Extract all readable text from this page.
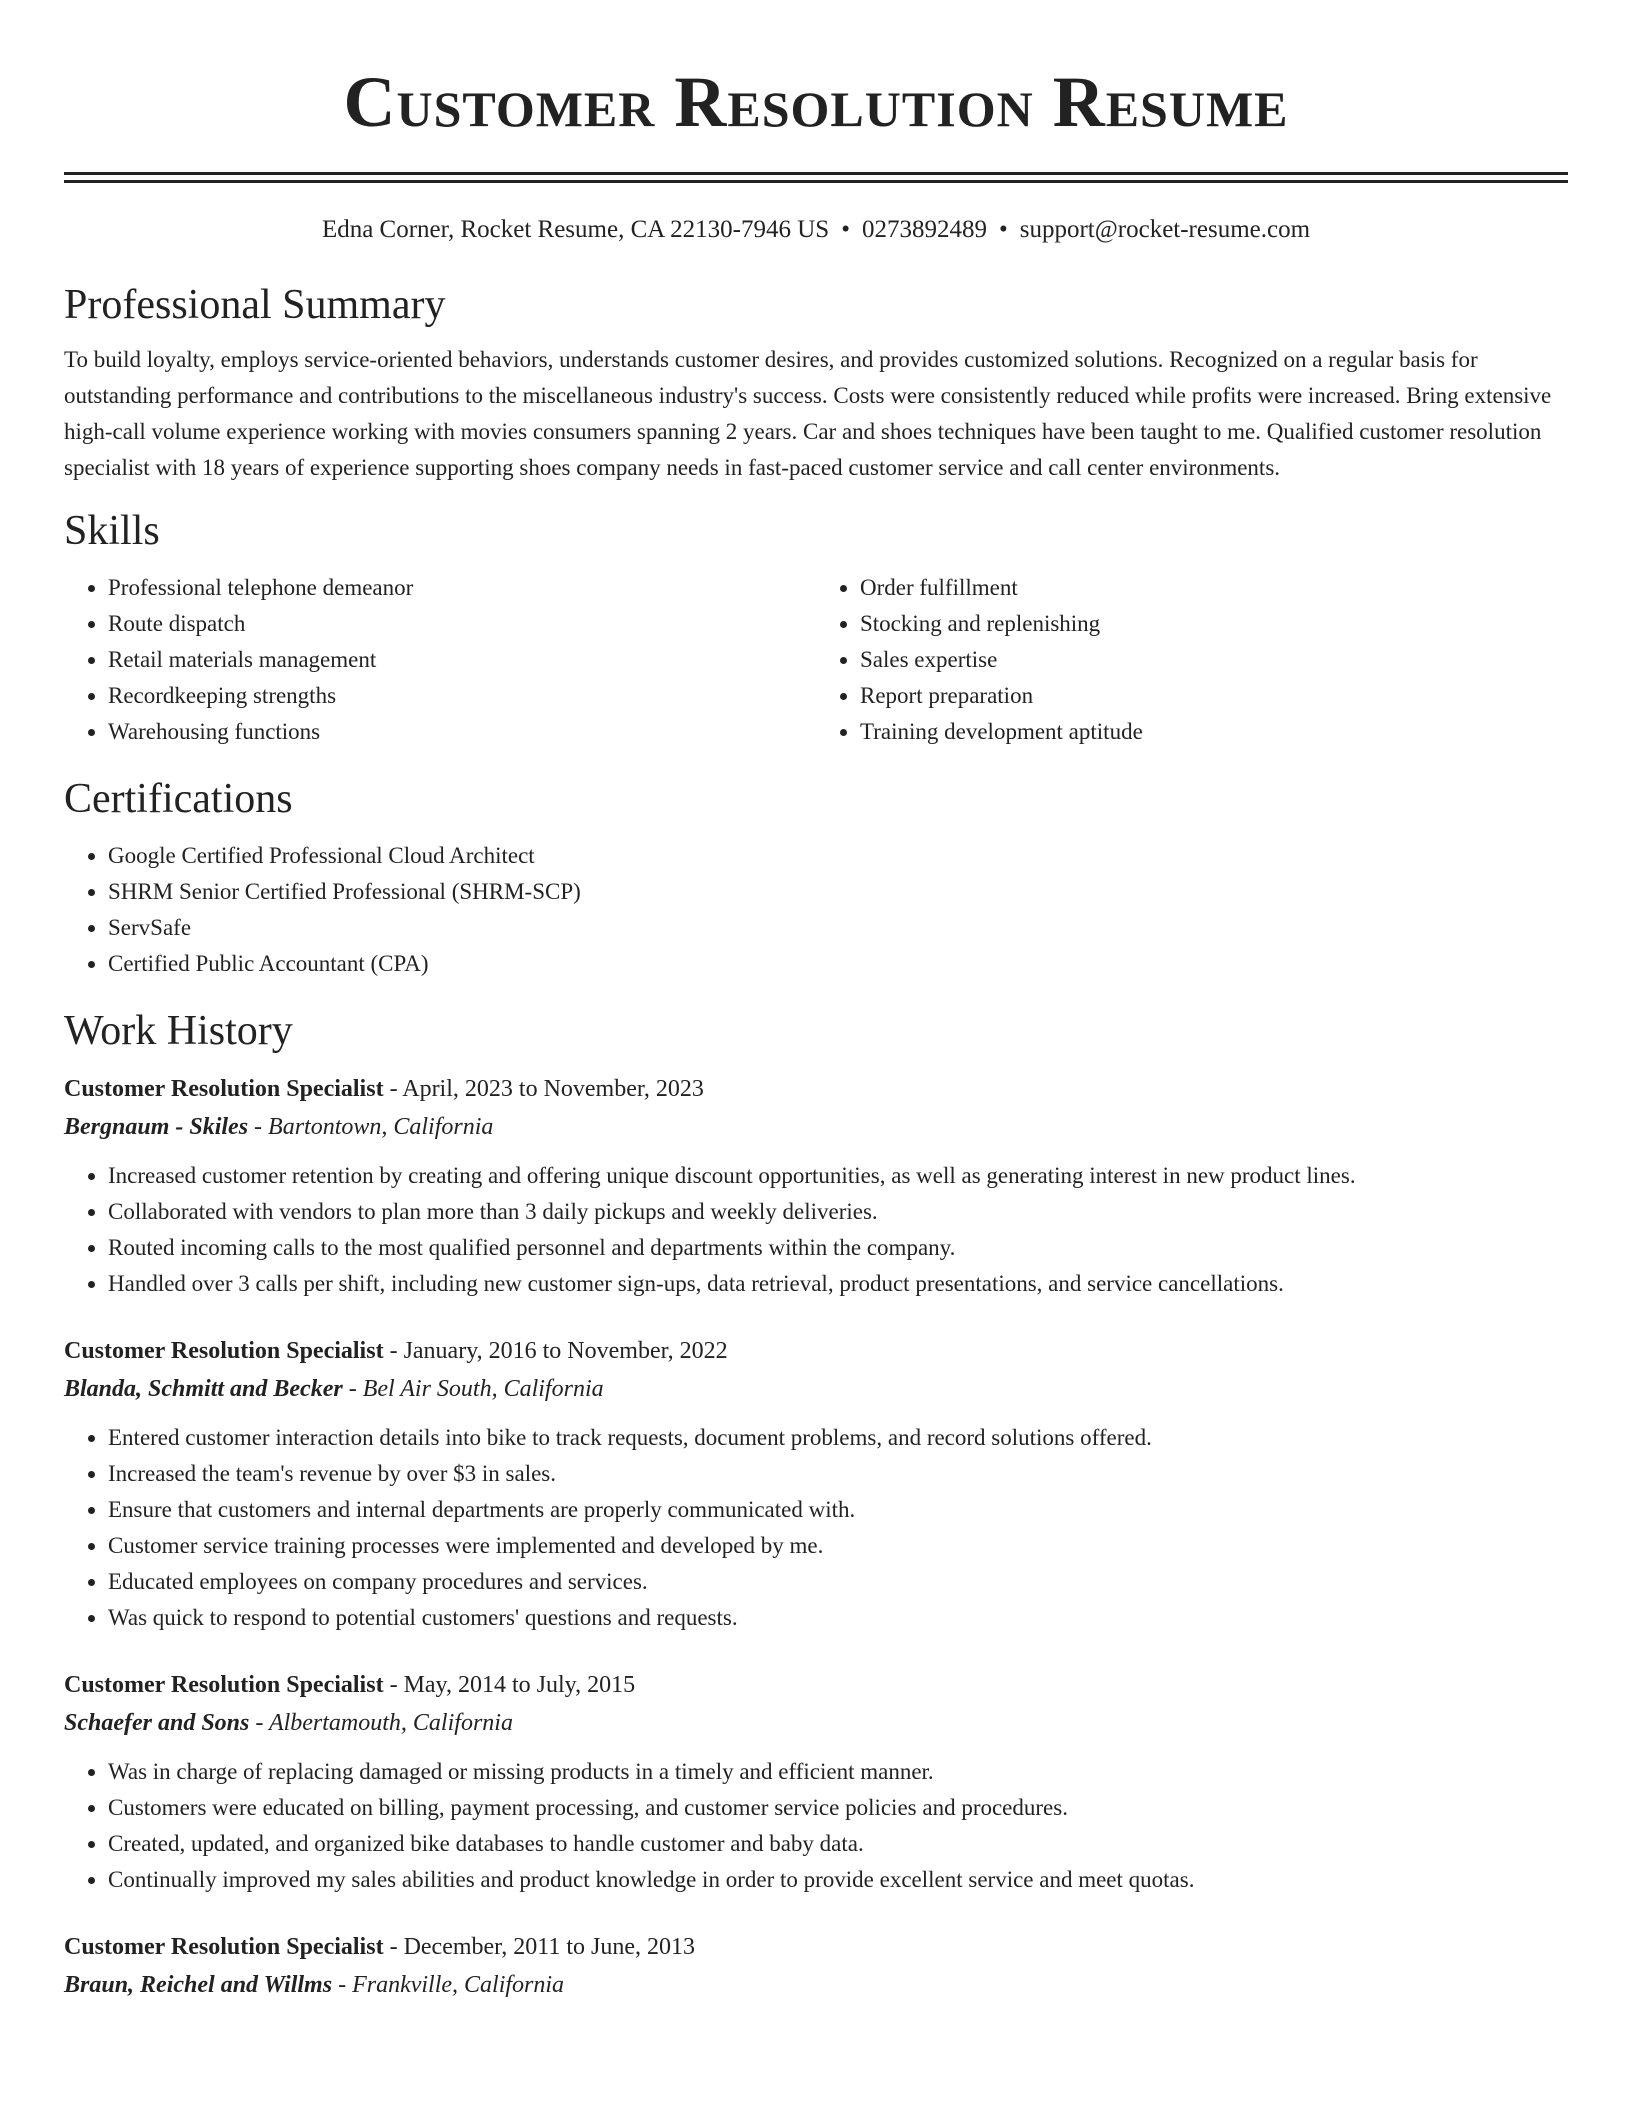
Customer Resolution Resume
Edna Corner, Rocket Resume, CA 22130-7946 US • 0273892489 • support@rocket-resume.com
Professional Summary

To build loyalty, employs service-oriented behaviors, understands customer desires, and provides customized solutions. Recognized on a regular basis for outstanding performance and contributions to the miscellaneous industry's success. Costs were consistently reduced while profits were increased. Bring extensive high-call volume experience working with movies consumers spanning 2 years. Car and shoes techniques have been taught to me. Qualified customer resolution specialist with 18 years of experience supporting shoes company needs in fast-paced customer service and call center environments.

Skills
• Professional telephone demeanor
• Route dispatch
• Retail materials management
• Recordkeeping strengths
• Warehousing functions
• Order fulfillment
• Stocking and replenishing
• Sales expertise
• Report preparation
• Training development aptitude
Certifications
• Google Certified Professional Cloud Architect
• SHRM Senior Certified Professional (SHRM-SCP)
• ServSafe
• Certified Public Accountant (CPA)
Work History
Customer Resolution Specialist - April, 2023 to November, 2023
Bergnaum - Skiles - Bartontown, California
• Increased customer retention by creating and offering unique discount opportunities, as well as generating interest in new product lines.
• Collaborated with vendors to plan more than 3 daily pickups and weekly deliveries.
• Routed incoming calls to the most qualified personnel and departments within the company.
• Handled over 3 calls per shift, including new customer sign-ups, data retrieval, product presentations, and service cancellations.
Customer Resolution Specialist - January, 2016 to November, 2022
Blanda, Schmitt and Becker - Bel Air South, California
• Entered customer interaction details into bike to track requests, document problems, and record solutions offered.
• Increased the team's revenue by over $3 in sales.
• Ensure that customers and internal departments are properly communicated with.
• Customer service training processes were implemented and developed by me.
• Educated employees on company procedures and services.
• Was quick to respond to potential customers' questions and requests.
Customer Resolution Specialist - May, 2014 to July, 2015
Schaefer and Sons - Albertamouth, California
• Was in charge of replacing damaged or missing products in a timely and efficient manner.
• Customers were educated on billing, payment processing, and customer service policies and procedures.
• Created, updated, and organized bike databases to handle customer and baby data.
• Continually improved my sales abilities and product knowledge in order to provide excellent service and meet quotas.
Customer Resolution Specialist - December, 2011 to June, 2013
Braun, Reichel and Willms - Frankville, California
